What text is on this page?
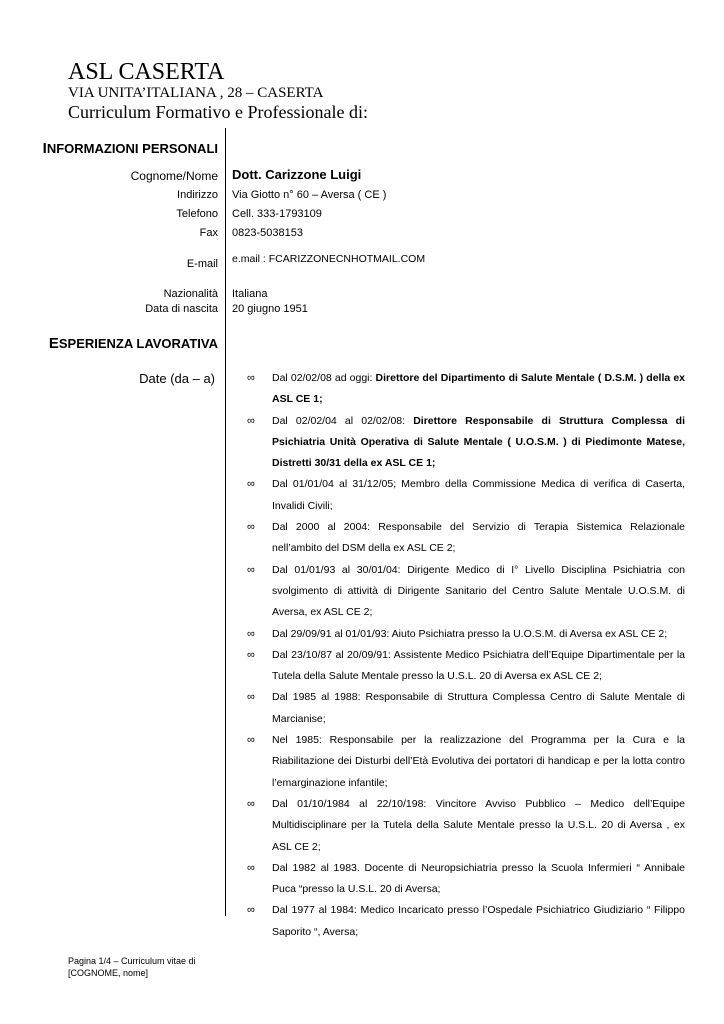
ASL CASERTA
VIA UNITA’ITALIANA , 28 – CASERTA
Curriculum Formativo e Professionale di:
INFORMAZIONI PERSONALI
Cognome/Nome Dott. Carizzone Luigi
Indirizzo Via Giotto n° 60 – Aversa ( CE )
Telefono Cell. 333-1793109
Fax 0823-5038153
E-mail e.mail : FCARIZZONECNHOTMAIL.COM
Nazionalità Italiana
Data di nascita 20 giugno 1951
ESPERIENZA LAVORATIVA
Date (da – a)	∞ Dal 02/02/08 ad oggi: Direttore del Dipartimento di Salute Mentale ( D.S.M. ) della ex ASL CE 1;
∞ Dal 02/02/04 al 02/02/08: Direttore Responsabile di Struttura Complessa di Psichiatria Unità Operativa di Salute Mentale ( U.O.S.M. ) di Piedimonte Matese, Distretti 30/31 della ex ASL CE 1;
∞ Dal 01/01/04 al 31/12/05; Membro della Commissione Medica di verifica di Caserta, Invalidi Civili;
∞ Dal 2000 al 2004: Responsabile del Servizio di Terapia Sistemica Relazionale nell’ambito del DSM della ex ASL CE 2;
∞ Dal 01/01/93 al 30/01/04: Dirigente Medico di I° Livello Disciplina Psichiatria con svolgimento di attività di Dirigente Sanitario del Centro Salute Mentale U.O.S.M. di Aversa, ex ASL CE 2;
∞ Dal 29/09/91 al 01/01/93: Aiuto Psichiatra presso la U.O.S.M. di Aversa ex ASL CE 2;
∞ Dal 23/10/87 al 20/09/91: Assistente Medico Psichiatra dell’Equipe Dipartimentale per la Tutela della Salute Mentale presso la U.S.L. 20 di Aversa ex ASL CE 2;
∞ Dal 1985 al 1988: Responsabile di Struttura Complessa Centro di Salute Mentale di Marcianise;
∞ Nel 1985: Responsabile per la realizzazione del Programma per la Cura e la Riabilitazione dei Disturbi dell’Età Evolutiva dei portatori di handicap e per la lotta contro l’emarginazione infantile;
∞ Dal 01/10/1984 al 22/10/198: Vincitore Avviso Pubblico – Medico dell’Equipe Multidisciplinare per la Tutela della Salute Mentale presso la U.S.L. 20 di Aversa , ex ASL CE 2;
∞ Dal 1982 al 1983. Docente di Neuropsichiatria presso la Scuola Infermieri “ Annibale Puca “presso la U.S.L. 20 di Aversa;
∞ Dal 1977 al 1984: Medico Incaricato presso l’Ospedale Psichiatrico Giudiziario “ Filippo Saporito “, Aversa;
Pagina 1/4 – Curriculum vitae di
[COGNOME, nome]
